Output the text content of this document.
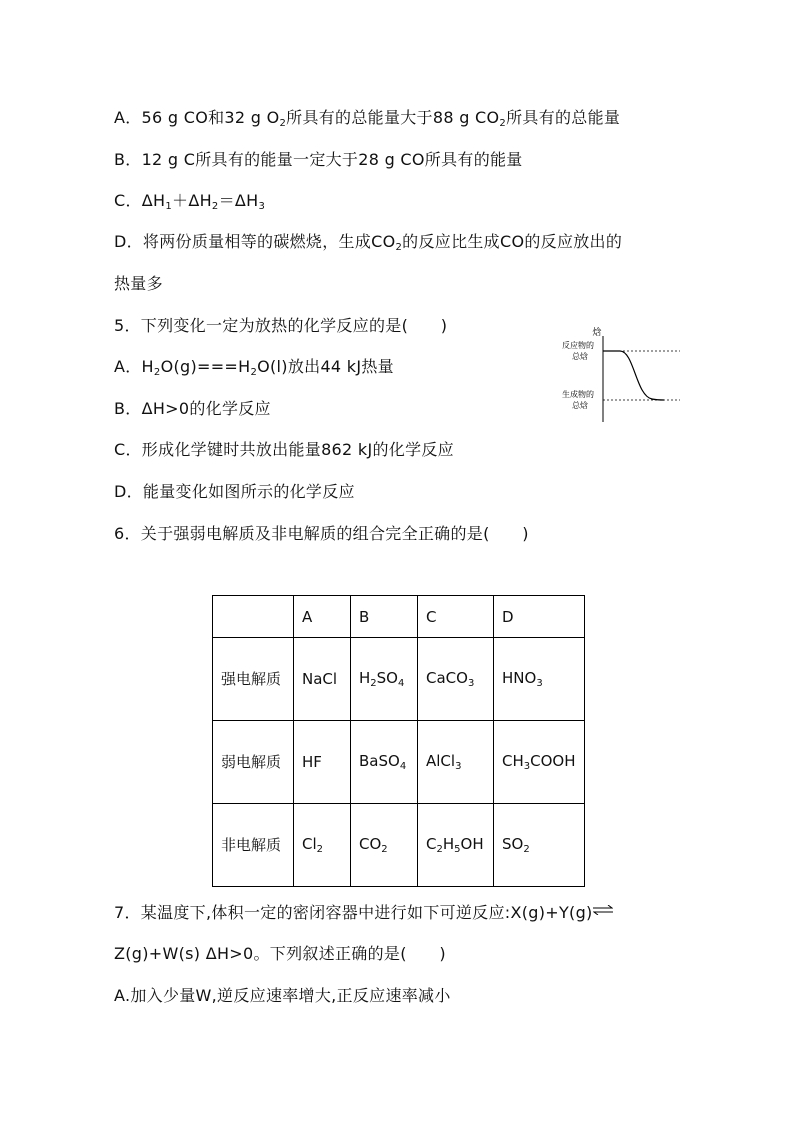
A．56 g CO和32 g $O_2$所具有的总能量大于88 g $CO_2$所具有的总能量
B．12 g C所具有的能量一定大于28 g CO所具有的能量
C．$\Delta H_1+\Delta H_2=\Delta H_3$
D．将两份质量相等的碳燃烧，生成$CO_2$的反应比生成CO的反应放出的
热量多
5．下列变化一定为放热的化学反应的是(　　)
A．$H_2O(g)===H_2O(l)$放出44 kJ热量
B．ΔH>0的化学反应
C．形成化学键时共放出能量862 kJ的化学反应
D．能量变化如图所示的化学反应
焓
反应物的
总焓
生成物的
总焓
6．关于强弱电解质及非电解质的组合完全正确的是(　　)
	A	B	C	D

强电解质	NaCl	$H_2SO_4$	CaCO$_3$	$HNO_3$

弱电解质	HF	BaSO$_4$	AlCl$_3$	$CH_3COOH$

非电解质	$Cl_2$	$CO_2$	$C_2H_5OH$	$SO_2$
7．某温度下,体积一定的密闭容器中进行如下可逆反应:X(g)+Y(g)⇌
Z(g)+W(s) ΔH>0。下列叙述正确的是(　　)
A.加入少量W,逆反应速率增大,正反应速率减小
